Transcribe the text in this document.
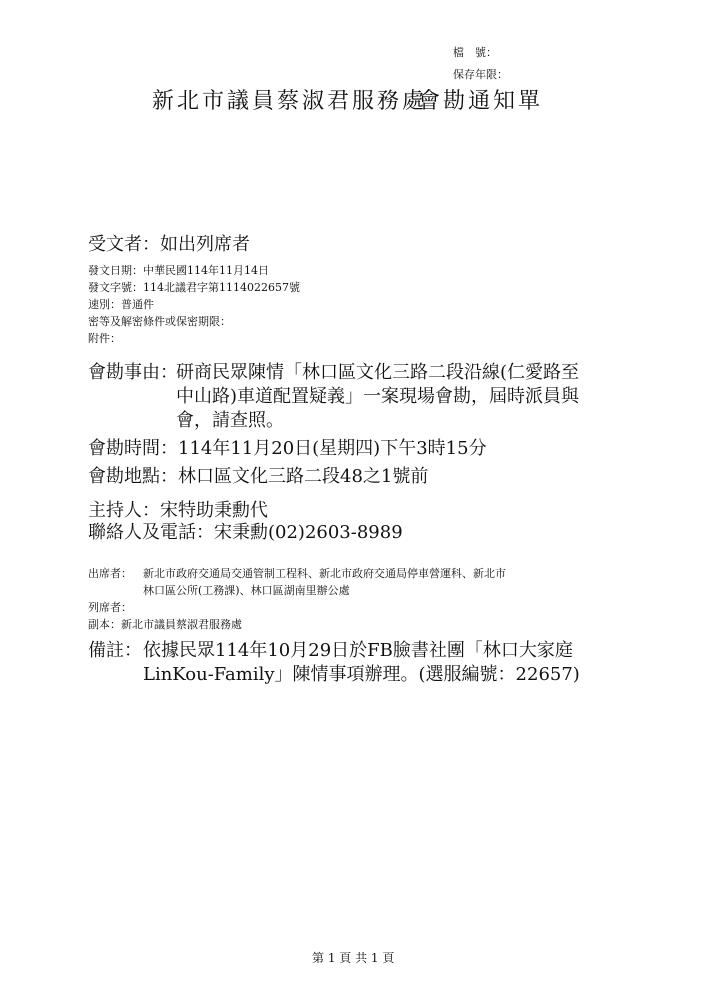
檔　號：
保存年限：
新北市議員蔡淑君服務處
會勘通知單
受文者：如出列席者
發文日期：中華民國114年11月14日
發文字號：114北議君字第1114022657號
速別：普通件
密等及解密條件或保密期限：
附件：
會勘事由：
研商民眾陳情「林口區文化三路二段沿線(仁愛路至
中山路)車道配置疑義」一案現場會勘，屆時派員與
會，請查照。
會勘時間：114年11月20日(星期四)下午3時15分
會勘地點：林口區文化三路二段48之1號前
主持人：宋特助秉勳代
聯絡人及電話：宋秉勳(02)2603-8989
出席者： 新北市政府交通局交通管制工程科、新北市政府交通局停車營運科、新北市
林口區公所(工務課)、林口區湖南里辦公處
列席者：
副本：新北市議員蔡淑君服務處
備註： 依據民眾114年10月29日於FB臉書社團「林口大家庭
LinKou-Family」陳情事項辦理。(選服編號：22657)
第 1 頁 共 1 頁
